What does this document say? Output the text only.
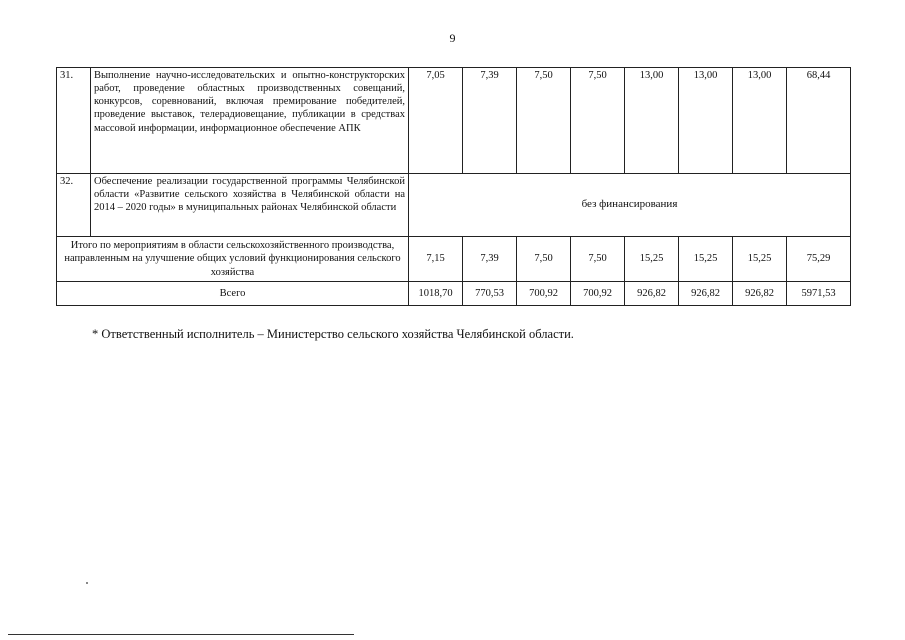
9
31.	Выполнение научно-исследовательских и опытно-конструкторских работ, проведение областных производственных совещаний, конкурсов, соревнований, включая премирование победителей, проведение выставок, телерадиовещание, публикации в средствах массовой информации, информационное обеспечение АПК	7,05	7,39	7,50	7,50	13,00	13,00	13,00	68,44
32.	Обеспечение реализации государственной программы Челябинской области «Развитие сельского хозяйства в Челябинской области на 2014 – 2020 годы» в муниципальных районах Челябинской области	без финансирования							
Итого по мероприятиям в области сельскохозяйственного производства, направленным на улучшение общих условий функционирования сельского хозяйства		7,15	7,39	7,50	7,50	15,25	15,25	15,25	75,29
Всего		1018,70	770,53	700,92	700,92	926,82	926,82	926,82	5971,53
* Ответственный исполнитель – Министерство сельского хозяйства Челябинской области.
